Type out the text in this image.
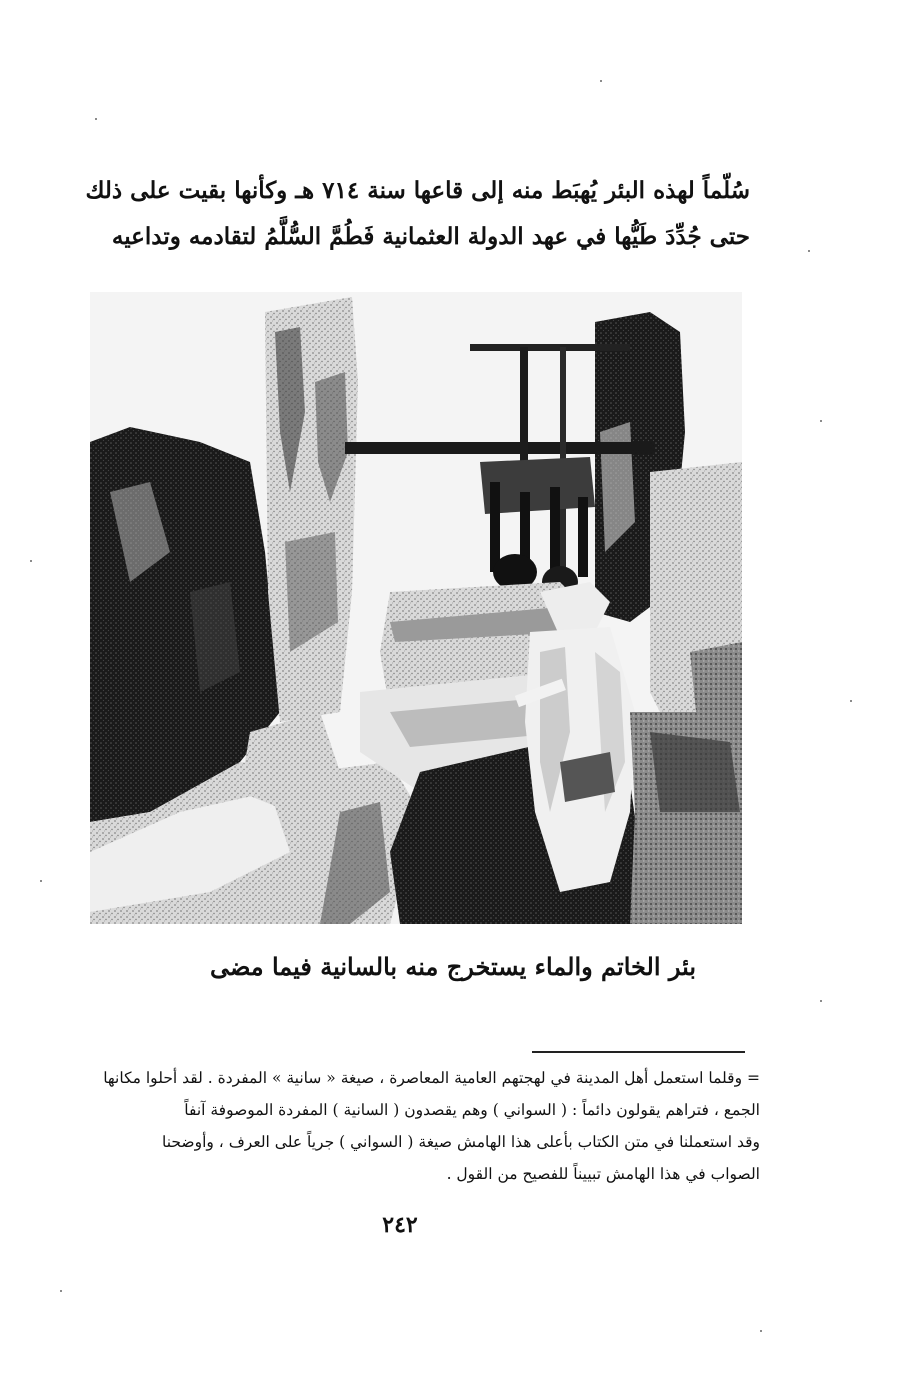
سُلّماً لهذه البئر يُهبَط منه إلى قاعها سنة ٧١٤ هـ وكأنها بقيت على ذلك

حتى جُدِّدَ طَيُّها في عهد الدولة العثمانية فَطُمَّ السُّلَّمُ لتقادمه وتداعيه

بئر الخاتم والماء يستخرج منه بالسانية فيما مضى

= وقلما استعمل أهل المدينة في لهجتهم العامية المعاصرة ، صيغة « سانية » المفردة . لقد أحلوا مكانها

الجمع ، فتراهم يقولون دائماً : ( السواني ) وهم يقصدون ( السانية ) المفردة الموصوفة آنفاً

وقد استعملنا في متن الكتاب بأعلى هذا الهامش صيغة ( السواني ) جرياً على العرف ، وأوضحنا

الصواب في هذا الهامش تبييناً للفصيح من القول .

٢٤٢
